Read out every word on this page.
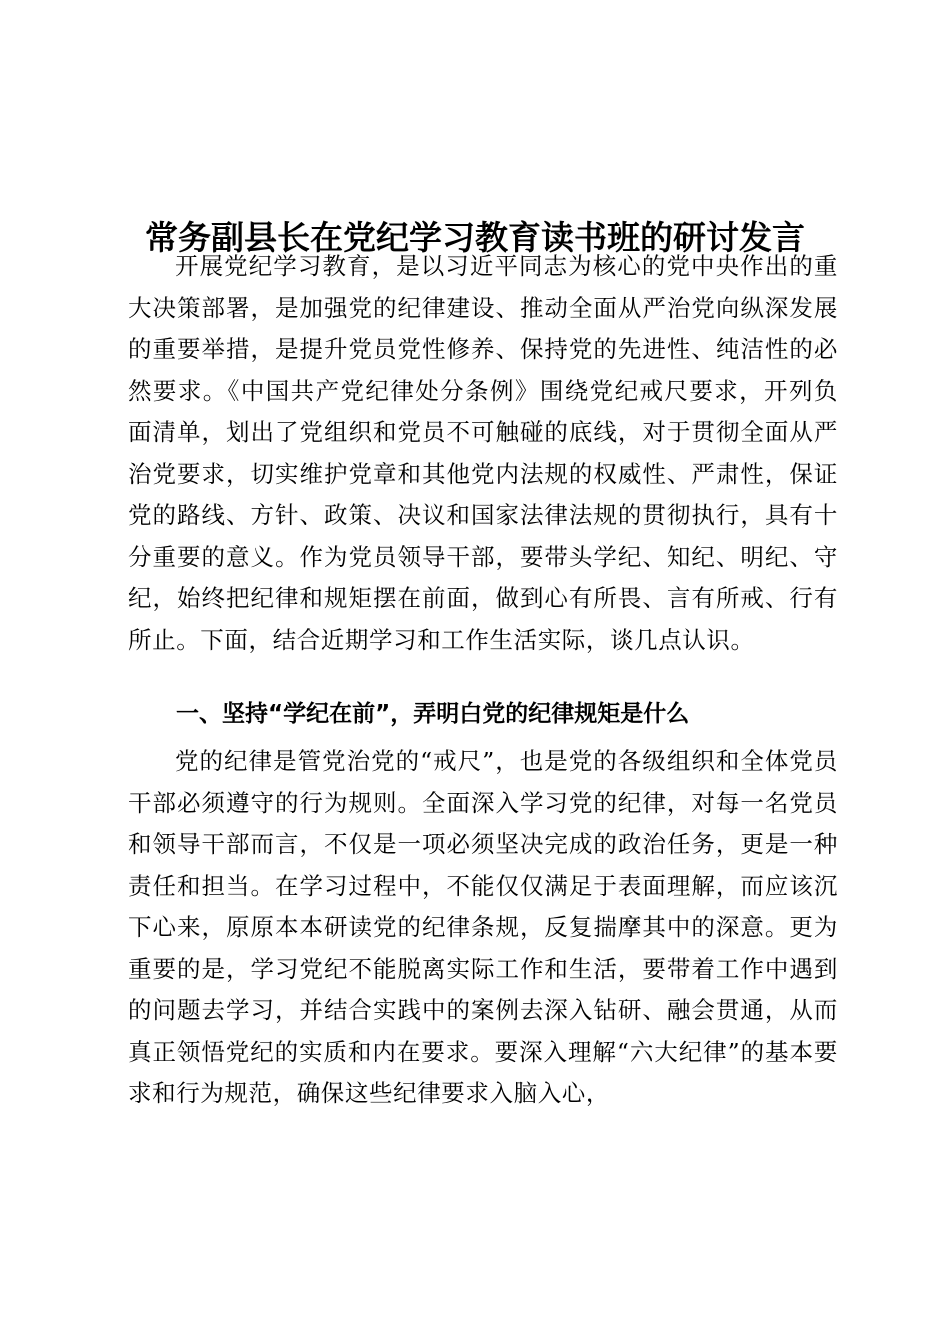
常务副县长在党纪学习教育读书班的研讨发言

开展党纪学习教育，是以习近平同志为核心的党中央作出的重大决策部署，是加强党的纪律建设、推动全面从严治党向纵深发展的重要举措，是提升党员党性修养、保持党的先进性、纯洁性的必然要求。《中国共产党纪律处分条例》围绕党纪戒尺要求，开列负面清单，划出了党组织和党员不可触碰的底线，对于贯彻全面从严治党要求，切实维护党章和其他党内法规的权威性、严肃性，保证党的路线、方针、政策、决议和国家法律法规的贯彻执行，具有十分重要的意义。作为党员领导干部，要带头学纪、知纪、明纪、守纪，始终把纪律和规矩摆在前面，做到心有所畏、言有所戒、行有所止。下面，结合近期学习和工作生活实际，谈几点认识。

一、坚持“学纪在前”，弄明白党的纪律规矩是什么

党的纪律是管党治党的“戒尺”，也是党的各级组织和全体党员干部必须遵守的行为规则。全面深入学习党的纪律，对每一名党员和领导干部而言，不仅是一项必须坚决完成的政治任务，更是一种责任和担当。在学习过程中，不能仅仅满足于表面理解，而应该沉下心来，原原本本研读党的纪律条规，反复揣摩其中的深意。更为重要的是，学习党纪不能脱离实际工作和生活，要带着工作中遇到的问题去学习，并结合实践中的案例去深入钻研、融会贯通，从而真正领悟党纪的实质和内在要求。要深入理解“六大纪律”的基本要求和行为规范，确保这些纪律要求入脑入心，
